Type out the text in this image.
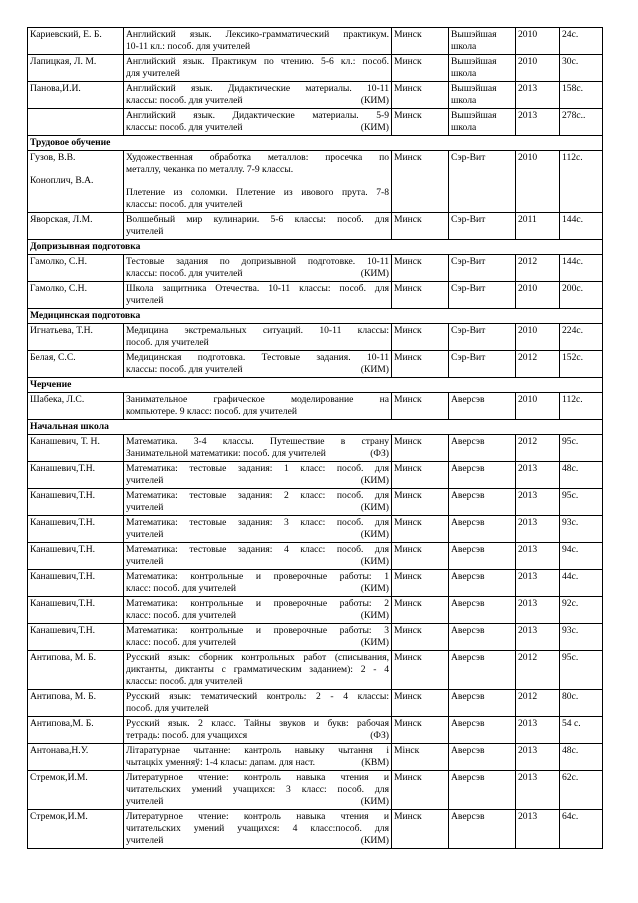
Кариевский, Е. Б.	Английский язык. Лексико-грамматический практикум.
10-11 кл.: пособ. для учителей	Минск	Вышэйшая школа	2010	24с.
Лапицкая, Л. М.	Английский язык. Практикум по чтению. 5-6 кл.: пособ.
для учителей	Минск	Вышэйшая школа	2010	30с.
Панова,И.И.	Английский язык. Дидактические материалы. 10-11
классы: пособ. для учителей (КИМ)	Минск	Вышэйшая школа	2013	158с.

	Английский язык. Дидактические материалы. 5-9
классы: пособ. для учителей (КИМ)	Минск	Вышэйшая школа	2013	278с..
Трудовое обучение					

Гузов, В.В.
Коноплич, В.А.	Художественная обработка металлов: просечка по
металлу, чеканка по металлу. 7-9 классы.
Плетение из соломки. Плетение из ивового прута. 7-8
классы: пособ. для учителей	Минск	Сэр-Вит	2010	112с.
Яворская, Л.М.	Волшебный мир кулинарии. 5-6 классы: пособ. для
учителей	Минск	Сэр-Вит	2011	144с.
Допризывная подготовка					
Гамолко, С.Н.	Тестовые задания по допризывной подготовке. 10-11
классы: пособ. для учителей (КИМ)	Минск	Сэр-Вит	2012	144с.
Гамолко, С.Н.	Школа защитника Отечества. 10-11 классы: пособ. для
учителей	Минск	Сэр-Вит	2010	200с.
Медицинская подготовка					
Игнатьева, Т.Н.	Медицина экстремальных ситуаций. 10-11 классы:
пособ. для учителей	Минск	Сэр-Вит	2010	224с.
Белая, С.С.	Медицинская подготовка. Тестовые задания. 10-11
классы: пособ. для учителей (КИМ)	Минск	Сэр-Вит	2012	152с.
Черчение					
Шабека, Л.С.	Занимательное графическое моделирование на
компьютере. 9 класс: пособ. для учителей	Минск	Аверсэв	2010	112с.
Начальная школа					
Канашевич, Т. Н.	Математика. 3-4 классы. Путешествие в страну
Занимательной математики: пособ. для учителей (ФЗ)	Минск	Аверсэв	2012	95с.
Канашевич,Т.Н.	Математика: тестовые задания: 1 класс: пособ. для
учителей (КИМ)	Минск	Аверсэв	2013	48с.
Канашевич,Т.Н.	Математика: тестовые задания: 2 класс: пособ. для
учителей (КИМ)	Минск	Аверсэв	2013	95с.
Канашевич,Т.Н.	Математика: тестовые задания: 3 класс: пособ. для
учителей (КИМ)	Минск	Аверсэв	2013	93с.
Канашевич,Т.Н.	Математика: тестовые задания: 4 класс: пособ. для
учителей (КИМ)	Минск	Аверсэв	2013	94с.
Канашевич,Т.Н.	Математика: контрольные и проверочные работы: 1
класс: пособ. для учителей (КИМ)	Минск	Аверсэв	2013	44с.
Канашевич,Т.Н.	Математика: контрольные и проверочные работы: 2
класс: пособ. для учителей (КИМ)	Минск	Аверсэв	2013	92с.
Канашевич,Т.Н.	Математика: контрольные и проверочные работы: 3
класс: пособ. для учителей (КИМ)	Минск	Аверсэв	2013	93с.
Антипова, М. Б.	Русский язык: сборник контрольных работ (списывания,
диктанты, диктанты с грамматическим заданием): 2 - 4
классы: пособ. для учителей	Минск	Аверсэв	2012	95с.
Антипова, М. Б.	Русский язык: тематический контроль: 2 - 4 классы:
пособ. для учителей	Минск	Аверсэв	2012	80с.
Антипова,М. Б.	Русский язык. 2 класс. Тайны звуков и букв: рабочая
тетрадь: пособ. для учащихся (ФЗ)	Минск	Аверсэв	2013	54 с.
Антонава,Н.У.	Літаратурнае чытанне: кантроль навыку чытання і
чытацкіх уменняў: 1-4 класы: дапам. для наст. (КВМ)	Мінск	Аверсэв	2013	48с.
Стремок,И.М.	Литературное чтение: контроль навыка чтения и
читательских умений учащихся: 3 класс: пособ. для
учителей (КИМ)	Минск	Аверсэв	2013	62с.
Стремок,И.М.	Литературное чтение: контроль навыка чтения и
читательских умений учащихся: 4 класс:пособ. для
учителей (КИМ)	Минск	Аверсэв	2013	64с.
